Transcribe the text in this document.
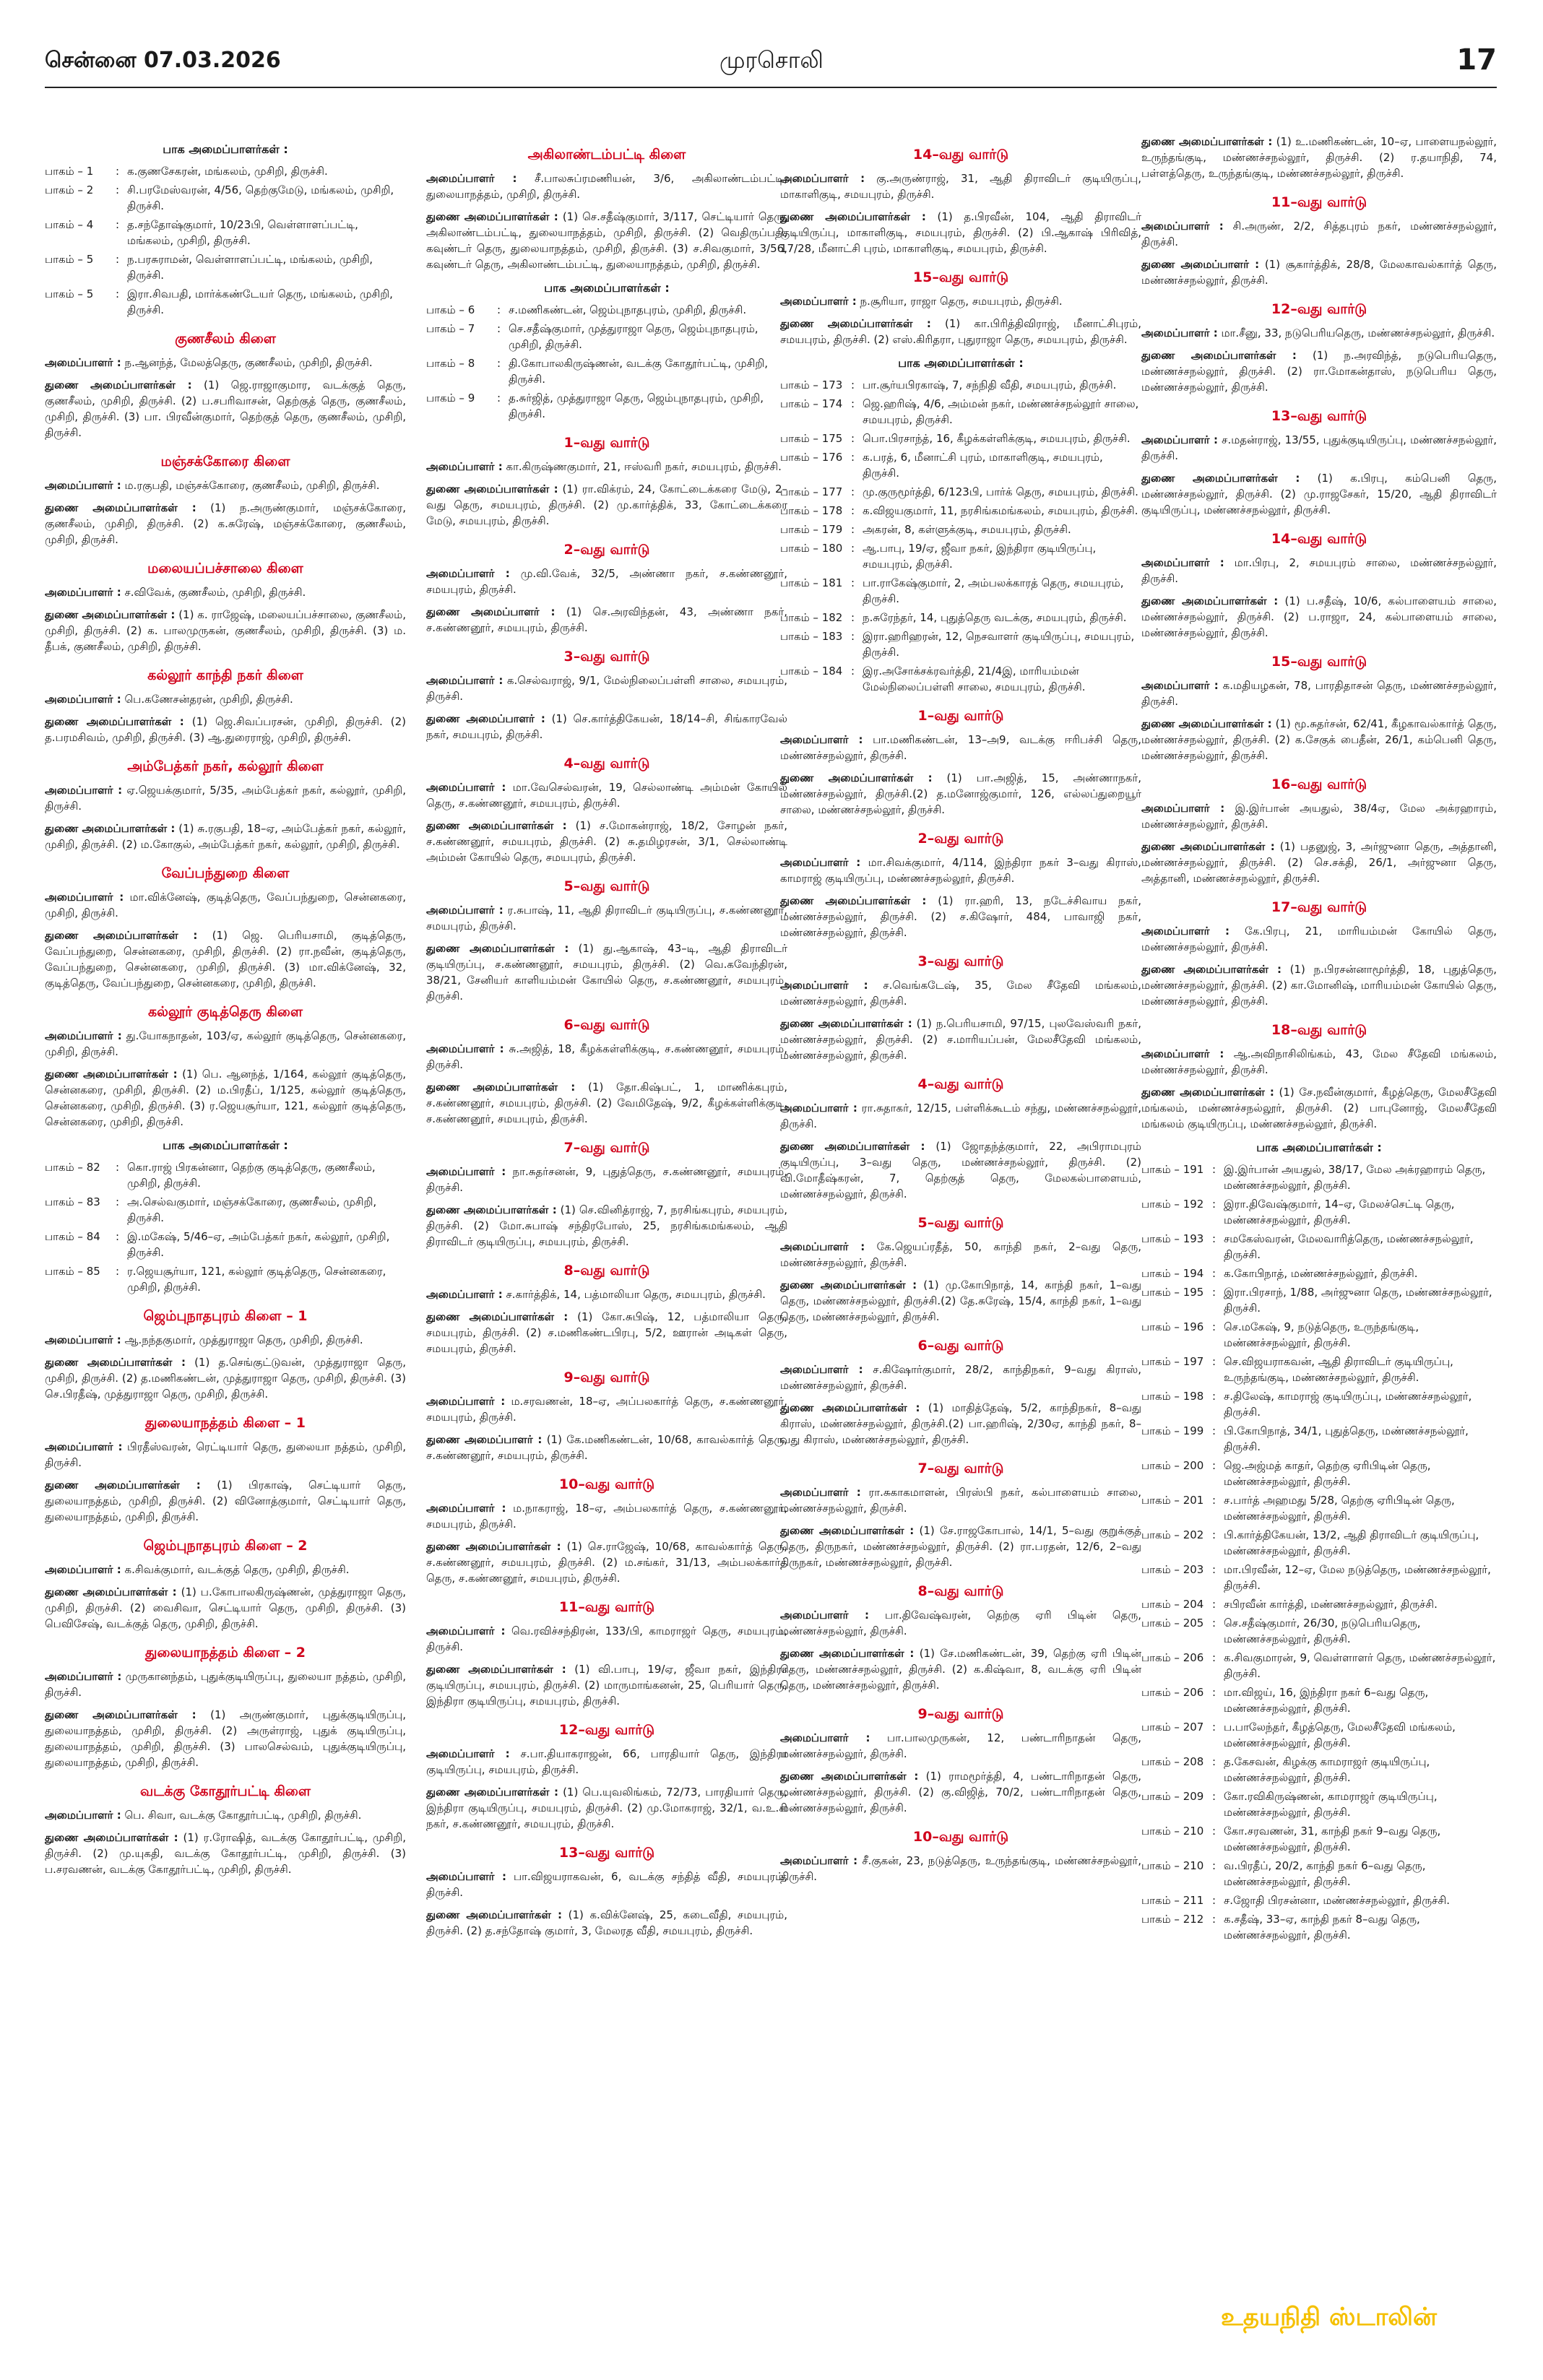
சென்னை 07.03.2026	முரசொலி	17
பாக அமைப்பாளர்கள் :
பாகம் – 1	: க.குணசேகரன், மங்கலம், முசிறி, திருச்சி.
பாகம் – 2	: சி.பரமேஸ்வரன், 4/56, தெற்குமேடு, மங்கலம், முசிறி, திருச்சி.
பாகம் – 4	: த.சந்தோஷ்குமார், 10/23பி, வெள்ளாளப்பட்டி, மங்கலம், முசிறி, திருச்சி.
பாகம் – 5	: ந.பரசுராமன், வெள்ளாளப்பட்டி, மங்கலம், முசிறி, திருச்சி.
பாகம் – 5	: இரா.சிவபதி, மார்க்கண்டேயர் தெரு, மங்கலம், முசிறி, திருச்சி.
குணசீலம் கிளை
அமைப்பாளர் : ந.ஆனந்த், மேலத்தெரு, குணசீலம், முசிறி, திருச்சி.
துணை அமைப்பாளர்கள் : (1) ஜெ.ராஜாகுமார, வடக்குத் தெரு, குணசீலம், முசிறி, திருச்சி. (2) ப.சபரிவாசன், தெற்குத் தெரு, குணசீலம், முசிறி, திருச்சி. (3) பா. பிரவீன்குமார், தெற்குத் தெரு, குணசீலம், முசிறி, திருச்சி.
மஞ்சக்கோரை கிளை
அமைப்பாளர் : ம.ரகுபதி, மஞ்சக்கோரை, குணசீலம், முசிறி, திருச்சி.
துணை அமைப்பாளர்கள் : (1) ந.அருண்குமார், மஞ்சக்கோரை, குணசீலம், முசிறி, திருச்சி. (2) க.சுரேஷ், மஞ்சக்கோரை, குணசீலம், முசிறி, திருச்சி.
மலையப்பச்சாலை கிளை
அமைப்பாளர் : ச.விவேக், குணசீலம், முசிறி, திருச்சி.
துணை அமைப்பாளர்கள் : (1) க. ராஜேஷ், மலையப்பச்சாலை, குணசீலம், முசிறி, திருச்சி. (2) க. பாலமுருகன், குணசீலம், முசிறி, திருச்சி. (3) ம. தீபக், குணசீலம், முசிறி, திருச்சி.
கல்லூர் காந்தி நகர் கிளை
அமைப்பாளர் : பெ.கணேசன்தரன், முசிறி, திருச்சி.
துணை அமைப்பாளர்கள் : (1) ஜெ.சிவப்பரசன், முசிறி, திருச்சி. (2) த.பரமசிவம், முசிறி, திருச்சி. (3) ஆ.துரைராஜ், முசிறி, திருச்சி.
அம்பேத்கர் நகர், கல்லூர் கிளை
அமைப்பாளர் : ஏ.ஜெயக்குமார், 5/35, அம்பேத்கர் நகர், கல்லூர், முசிறி, திருச்சி.
துணை அமைப்பாளர்கள் : (1) சு.ரகுபதி, 18–ஏ, அம்பேத்கர் நகர், கல்லூர், முசிறி, திருச்சி. (2) ம.கோகுல், அம்பேத்கர் நகர், கல்லூர், முசிறி, திருச்சி.
வேப்பந்துறை கிளை
அமைப்பாளர் : மா.விக்னேஷ், குடித்தெரு, வேப்பந்துறை, சென்னகரை, முசிறி, திருச்சி.
துணை அமைப்பாளர்கள் : (1) ஜெ. பெரியசாமி, குடித்தெரு, வேப்பந்துறை, சென்னகரை, முசிறி, திருச்சி. (2) ரா.நவீன், குடித்தெரு, வேப்பந்துறை, சென்னகரை, முசிறி, திருச்சி. (3) மா.விக்னேஷ், 32, குடித்தெரு, வேப்பந்துறை, சென்னகரை, முசிறி, திருச்சி.
கல்லூர் குடித்தெரு கிளை
அமைப்பாளர் : து.யோகநாதன், 103/ஏ, கல்லூர் குடித்தெரு, சென்னகரை, முசிறி, திருச்சி.
துணை அமைப்பாளர்கள் : (1) பெ. ஆனந்த், 1/164, கல்லூர் குடித்தெரு, சென்னகரை, முசிறி, திருச்சி. (2) ம.பிரதீப், 1/125, கல்லூர் குடித்தெரு, சென்னகரை, முசிறி, திருச்சி. (3) ர.ஜெயசூர்யா, 121, கல்லூர் குடித்தெரு, சென்னகரை, முசிறி, திருச்சி.
பாக அமைப்பாளர்கள் :
பாகம் – 82	: கொ.ராஜ் பிரகன்னா, தெற்கு குடித்தெரு, குணசீலம், முசிறி, திருச்சி.
பாகம் – 83	: அ.செல்வகுமார், மஞ்சக்கோரை, குணசீலம், முசிறி, திருச்சி.
பாகம் – 84	: இ.மகேஷ், 5/46–ஏ, அம்பேத்கர் நகர், கல்லூர், முசிறி, திருச்சி.
பாகம் – 85	: ர.ஜெயசூர்யா, 121, கல்லூர் குடித்தெரு, சென்னகரை, முசிறி, திருச்சி.
ஜெம்புநாதபுரம் கிளை – 1
அமைப்பாளர் : ஆ.நந்தகுமார், முத்துராஜா தெரு, முசிறி, திருச்சி.
துணை அமைப்பாளர்கள் : (1) த.செங்குட்டுவன், முத்துராஜா தெரு, முசிறி, திருச்சி. (2) த.மணிகண்டன், முத்துராஜா தெரு, முசிறி, திருச்சி. (3) செ.பிரதீஷ், முத்துராஜா தெரு, முசிறி, திருச்சி.
துலையாநத்தம் கிளை – 1
அமைப்பாளர் : பிரதீஸ்வரன், ரெட்டியார் தெரு, துலையா நத்தம், முசிறி, திருச்சி.
துணை அமைப்பாளர்கள் : (1) பிரகாஷ், செட்டியார் தெரு, துலையாநத்தம், முசிறி, திருச்சி. (2) வினோத்குமார், செட்டியார் தெரு, துலையாநத்தம், முசிறி, திருச்சி.
ஜெம்புநாதபுரம் கிளை – 2
அமைப்பாளர் : க.சிவக்குமார், வடக்குத் தெரு, முசிறி, திருச்சி.
துணை அமைப்பாளர்கள் : (1) ப.கோபாலகிருஷ்ணன், முத்துராஜா தெரு, முசிறி, திருச்சி. (2) வைசிவா, செட்டியார் தெரு, முசிறி, திருச்சி. (3) பெவிசேஷ், வடக்குத் தெரு, முசிறி, திருச்சி.
துலையாநத்தம் கிளை – 2
அமைப்பாளர் : முருகானந்தம், புதுக்குடியிருப்பு, துலையா நத்தம், முசிறி, திருச்சி.
துணை அமைப்பாளர்கள் : (1) அருண்குமார், புதுக்குடியிருப்பு, துலையாநத்தம், முசிறி, திருச்சி. (2) அருள்ராஜ், புதுக் குடியிருப்பு, துலையாநத்தம், முசிறி, திருச்சி. (3) பாலசெல்வம், புதுக்குடியிருப்பு, துலையாநத்தம், முசிறி, திருச்சி.
வடக்கு கோதூர்பட்டி கிளை
அமைப்பாளர் : பெ. சிவா, வடக்கு கோதூர்பட்டி, முசிறி, திருச்சி.
துணை அமைப்பாளர்கள் : (1) ர.ரோஷித், வடக்கு கோதூர்பட்டி, முசிறி, திருச்சி. (2) மு.யுகதி, வடக்கு கோதூர்பட்டி, முசிறி, திருச்சி. (3) ப.சரவணன், வடக்கு கோதூர்பட்டி, முசிறி, திருச்சி.
அகிலாண்டம்பட்டி கிளை
அமைப்பாளர் : சீ.பாலசுப்ரமணியன், 3/6, அகிலாண்டம்பட்டி, துலையாநத்தம், முசிறி, திருச்சி.
துணை அமைப்பாளர்கள் : (1) செ.சதீஷ்குமார், 3/117, செட்டியார் தெரு, அகிலாண்டம்பட்டி, துலையாநத்தம், முசிறி, திருச்சி. (2) வெதிருப்பதி, கவுண்டர் தெரு, துலையாநத்தம், முசிறி, திருச்சி. (3) ச.சிவகுமார், 3/56, கவுண்டர் தெரு, அகிலாண்டம்பட்டி, துலையாநத்தம், முசிறி, திருச்சி.
பாக அமைப்பாளர்கள் :
பாகம் – 6	: ச.மணிகண்டன், ஜெம்புநாதபுரம், முசிறி, திருச்சி.
பாகம் – 7	: செ.சதீஷ்குமார், முத்துராஜா தெரு, ஜெம்புநாதபுரம், முசிறி, திருச்சி.
பாகம் – 8	: தி.கோபாலகிருஷ்ணன், வடக்கு கோதூர்பட்டி, முசிறி, திருச்சி.
பாகம் – 9	: த.சுர்ஜித், முத்துராஜா தெரு, ஜெம்புநாதபுரம், முசிறி, திருச்சி.
1–வது வார்டு
அமைப்பாளர் : கா.கிருஷ்ணகுமார், 21, ஈஸ்வரி நகர், சமயபுரம், திருச்சி.
துணை அமைப்பாளர்கள் : (1) ரா.விக்ரம், 24, கோட்டைக்கரை மேடு, 2–வது தெரு, சமயபுரம், திருச்சி. (2) மு.கார்த்திக், 33, கோட்டைக்கரை மேடு, சமயபுரம், திருச்சி.
2–வது வார்டு
அமைப்பாளர் : மு.வி.வேக், 32/5, அண்ணா நகர், ச.கண்ணனூர், சமயபுரம், திருச்சி.
துணை அமைப்பாளர் : (1) செ.அரவிந்தன், 43, அண்ணா நகர், ச.கண்ணனூர், சமயபுரம், திருச்சி.
3–வது வார்டு
அமைப்பாளர் : க.செல்வராஜ், 9/1, மேல்நிலைப்பள்ளி சாலை, சமயபுரம், திருச்சி.
துணை அமைப்பாளர் : (1) செ.கார்த்திகேயன், 18/14–சி, சிங்காரவேல் நகர், சமயபுரம், திருச்சி.
4–வது வார்டு
அமைப்பாளர் : மா.வேசெல்வரன், 19, செல்லாண்டி அம்மன் கோயில் தெரு, ச.கண்ணனூர், சமயபுரம், திருச்சி.
துணை அமைப்பாளர்கள் : (1) ச.மோகன்ராஜ், 18/2, சோழன் நகர், ச.கண்ணனூர், சமயபுரம், திருச்சி. (2) சு.தமிழரசன், 3/1, செல்லாண்டி அம்மன் கோயில் தெரு, சமயபுரம், திருச்சி.
5–வது வார்டு
அமைப்பாளர் : ர.சுபாஷ், 11, ஆதி திராவிடர் குடியிருப்பு, ச.கண்ணனூர், சமயபுரம், திருச்சி.
துணை அமைப்பாளர்கள் : (1) து.ஆகாஷ், 43–டி, ஆதி திராவிடர் குடியிருப்பு, ச.கண்ணனூர், சமயபுரம், திருச்சி. (2) வெ.கவேந்திரன், 38/21, சேனியர் காளியம்மன் கோயில் தெரு, ச.கண்ணனூர், சமயபுரம், திருச்சி.
6–வது வார்டு
அமைப்பாளர் : சு.அஜித், 18, கீழக்கள்ளிக்குடி, ச.கண்ணனூர், சமயபுரம், திருச்சி.
துணை அமைப்பாளர்கள் : (1) தோ.கிஷ்பட், 1, மாணிக்கபுரம், ச.கண்ணனூர், சமயபுரம், திருச்சி. (2) வேமிதேஷ், 9/2, கீழக்கள்ளிக்குடி, ச.கண்ணனூர், சமயபுரம், திருச்சி.
7–வது வார்டு
அமைப்பாளர் : நா.சுதர்சனன், 9, புதுத்தெரு, ச.கண்ணனூர், சமயபுரம், திருச்சி.
துணை அமைப்பாளர்கள் : (1) செ.வினித்ராஜ், 7, நரசிங்கபுரம், சமயபுரம், திருச்சி. (2) மோ.சுபாஷ் சந்திரபோஸ், 25, நரசிங்கமங்கலம், ஆதி திராவிடர் குடியிருப்பு, சமயபுரம், திருச்சி.
8–வது வார்டு
அமைப்பாளர் : ச.கார்த்திக், 14, பத்மாலியா தெரு, சமயபுரம், திருச்சி.
துணை அமைப்பாளர்கள் : (1) கோ.சுபிஷ், 12, பத்மாலியா தெரு, சமயபுரம், திருச்சி. (2) ச.மணிகண்டபிரபு, 5/2, ஊரான் அடிகள் தெரு, சமயபுரம், திருச்சி.
9–வது வார்டு
அமைப்பாளர் : ம.சரவணன், 18–ஏ, அப்பலகார்த் தெரு, ச.கண்ணனூர், சமயபுரம், திருச்சி.
துணை அமைப்பாளர் : (1) கே.மணிகண்டன், 10/68, காவல்கார்த் தெரு, ச.கண்ணனூர், சமயபுரம், திருச்சி.
10–வது வார்டு
அமைப்பாளர் : ம.நாகராஜ், 18–ஏ, அம்பலகார்த் தெரு, ச.கண்ணனூர், சமயபுரம், திருச்சி.
துணை அமைப்பாளர்கள் : (1) செ.ராஜேஷ், 10/68, காவல்கார்த் தெரு, ச.கண்ணனூர், சமயபுரம், திருச்சி. (2) ம.சங்கர், 31/13, அம்பலக்கார்த் தெரு, ச.கண்ணனூர், சமயபுரம், திருச்சி.
11–வது வார்டு
அமைப்பாளர் : வெ.ரவிச்சந்திரன், 133/பி, காமராஜர் தெரு, சமயபுரம், திருச்சி.
துணை அமைப்பாளர்கள் : (1) வி.பாபு, 19/ஏ, ஜீவா நகர், இந்திரா குடியிருப்பு, சமயபுரம், திருச்சி. (2) மாருமாங்கனன், 25, பெரியார் தெரு, இந்திரா குடியிருப்பு, சமயபுரம், திருச்சி.
12–வது வார்டு
அமைப்பாளர் : ச.பா.தியாகராஜன், 66, பாரதியார் தெரு, இந்திரா குடியிருப்பு, சமயபுரம், திருச்சி.
துணை அமைப்பாளர்கள் : (1) பெ.யுவலிங்கம், 72/73, பாரதியார் தெரு, இந்திரா குடியிருப்பு, சமயபுரம், திருச்சி. (2) மு.மோகராஜ், 32/1, வ.உ.சி நகர், ச.கண்ணனூர், சமயபுரம், திருச்சி.
13–வது வார்டு
அமைப்பாளர் : பா.விஜயராகவன், 6, வடக்கு சந்தித் வீதி, சமயபுரம், திருச்சி.
துணை அமைப்பாளர்கள் : (1) க.விக்னேஷ், 25, கடைவீதி, சமயபுரம், திருச்சி. (2) த.சந்தோஷ் குமார், 3, மேலரத வீதி, சமயபுரம், திருச்சி.
14–வது வார்டு
அமைப்பாளர் : கு.அருண்ராஜ், 31, ஆதி திராவிடர் குடியிருப்பு, மாகாளிகுடி, சமயபுரம், திருச்சி.
துணை அமைப்பாளர்கள் : (1) த.பிரவீன், 104, ஆதி திராவிடர் குடியிருப்பு, மாகாளிகுடி, சமயபுரம், திருச்சி. (2) பி.ஆகாஷ் பிரிவித், 17/28, மீனாட்சி புரம், மாகாளிகுடி, சமயபுரம், திருச்சி.
15–வது வார்டு
அமைப்பாளர் : ந.சூரியா, ராஜா தெரு, சமயபுரம், திருச்சி.
துணை அமைப்பாளர்கள் : (1) கா.பிரித்திவிராஜ், மீனாட்சிபுரம், சமயபுரம், திருச்சி. (2) எஸ்.கிரிதரா, புதுராஜா தெரு, சமயபுரம், திருச்சி.
பாக அமைப்பாளர்கள் :
பாகம் – 173 : பா.சூர்யபிரகாஷ், 7, சந்நிதி வீதி, சமயபுரம், திருச்சி.
பாகம் – 174 : ஜெ.ஹரிஷ், 4/6, அம்மன் நகர், மண்ணச்சநல்லூர் சாலை, சமயபுரம், திருச்சி.
பாகம் – 175 : பொ.பிரசாந்த், 16, கீழக்கள்ளிக்குடி, சமயபுரம், திருச்சி.
பாகம் – 176 : க.பரத், 6, மீனாட்சி புரம், மாகாளிகுடி, சமயபுரம், திருச்சி.
பாகம் – 177 : மு.குருமூர்த்தி, 6/123பி, பார்க் தெரு, சமயபுரம், திருச்சி.
பாகம் – 178 : க.விஜயகுமார், 11, நரசிங்கமங்கலம், சமயபுரம், திருச்சி.
பாகம் – 179 : அகரன், 8, கள்ளுக்குடி, சமயபுரம், திருச்சி.
பாகம் – 180 : ஆ.பாபு, 19/ஏ, ஜீவா நகர், இந்திரா குடியிருப்பு, சமயபுரம், திருச்சி.
பாகம் – 181 : பா.ராகேஷ்குமார், 2, அம்பலக்காரத் தெரு, சமயபுரம், திருச்சி.
பாகம் – 182 : ந.சுரேந்தர், 14, புதுத்தெரு வடக்கு, சமயபுரம், திருச்சி.
பாகம் – 183 : இரா.ஹரிஹரன், 12, நெசவாளர் குடியிருப்பு, சமயபுரம், திருச்சி.
பாகம் – 184 : இர.அசோக்சக்ரவர்த்தி, 21/4இ, மாரியம்மன் மேல்நிலைப்பள்ளி சாலை, சமயபுரம், திருச்சி.
1–வது வார்டு
அமைப்பாளர் : பா.மணிகண்டன், 13–அ9, வடக்கு ஈரிபச்சி தெரு, மண்ணச்சநல்லூர், திருச்சி.
துணை அமைப்பாளர்கள் : (1) பா.அஜித், 15, அண்ணாநகர், மண்ணச்சநல்லூர், திருச்சி.(2) த.மனோஜ்குமார், 126, எல்லப்துறையூர் சாலை, மண்ணச்சநல்லூர், திருச்சி.
2–வது வார்டு
அமைப்பாளர் : மா.சிவக்குமார், 4/114, இந்திரா நகர் 3–வது கிராஸ், காமராஜ் குடியிருப்பு, மண்ணச்சநல்லூர், திருச்சி.
துணை அமைப்பாளர்கள் : (1) ரா.ஹரி, 13, நடேச்சிவாய நகர், மண்ணச்சநல்லூர், திருச்சி. (2) ச.கிஷோர், 484, பாவாஜி நகர், மண்ணச்சநல்லூர், திருச்சி.
3–வது வார்டு
அமைப்பாளர் : ச.வெங்கடேஷ், 35, மேல சீதேவி மங்கலம், மண்ணச்சநல்லூர், திருச்சி.
துணை அமைப்பாளர்கள் : (1) ந.பெரியசாமி, 97/15, புலவேஸ்வரி நகர், மண்ணச்சநல்லூர், திருச்சி. (2) ச.மாரியப்பன், மேலசீதேவி மங்கலம், மண்ணச்சநல்லூர், திருச்சி.
4–வது வார்டு
அமைப்பாளர் : ரா.சுதாகர், 12/15, பள்ளிக்கூடம் சந்து, மண்ணச்சநல்லூர், திருச்சி.
துணை அமைப்பாளர்கள் : (1) ஜோதந்த்குமார், 22, அபிராமபுரம் குடியிருப்பு, 3–வது தெரு, மண்ணச்சநல்லூர், திருச்சி. (2) வி.மோதீஷ்கரன், 7, தெற்குத் தெரு, மேலகல்பாளையம், மண்ணச்சநல்லூர், திருச்சி.
5–வது வார்டு
அமைப்பாளர் : கே.ஜெயப்ரதீத், 50, காந்தி நகர், 2–வது தெரு, மண்ணச்சநல்லூர், திருச்சி.
துணை அமைப்பாளர்கள் : (1) மு.கோபிநாத், 14, காந்தி நகர், 1–வது தெரு, மண்ணச்சநல்லூர், திருச்சி.(2) தே.சுரேஷ், 15/4, காந்தி நகர், 1–வது தெரு, மண்ணச்சநல்லூர், திருச்சி.
6–வது வார்டு
அமைப்பாளர் : ச.கிஷோர்குமார், 28/2, காந்திநகர், 9–வது கிராஸ், மண்ணச்சநல்லூர், திருச்சி.
துணை அமைப்பாளர்கள் : (1) மாதித்தேஷ், 5/2, காந்திநகர், 8–வது கிராஸ், மண்ணச்சநல்லூர், திருச்சி.(2) பா.ஹரிஷ், 2/30ஏ, காந்தி நகர், 8–வது கிராஸ், மண்ணச்சநல்லூர், திருச்சி.
7–வது வார்டு
அமைப்பாளர் : ரா.சுகாகமாளன், பிரஸ்பி நகர், கல்பாளையம் சாலை, மண்ணச்சநல்லூர், திருச்சி.
துணை அமைப்பாளர்கள் : (1) சே.ராஜகோபால், 14/1, 5–வது குறுக்குத் தெரு, திருநகர், மண்ணச்சநல்லூர், திருச்சி. (2) ரா.பரதன், 12/6, 2–வது திருநகர், மண்ணச்சநல்லூர், திருச்சி.
8–வது வார்டு
அமைப்பாளர் : பா.திவேஷ்வரன், தெற்கு ஏரி பிடின் தெரு, மண்ணச்சநல்லூர், திருச்சி.
துணை அமைப்பாளர்கள் : (1) சே.மணிகண்டன், 39, தெற்கு ஏரி பிடின் தெரு, மண்ணச்சநல்லூர், திருச்சி. (2) க.கிஷ்வா, 8, வடக்கு ஏரி பிடின் தெரு, மண்ணச்சநல்லூர், திருச்சி.
9–வது வார்டு
அமைப்பாளர் : பா.பாலமுருகன், 12, பண்டாரிநாதன் தெரு, மண்ணச்சநல்லூர், திருச்சி.
துணை அமைப்பாளர்கள் : (1) ராமமூர்த்தி, 4, பண்டாரிநாதன் தெரு, மண்ணச்சநல்லூர், திருச்சி. (2) கு.விஜித், 70/2, பண்டாரிநாதன் தெரு, மண்ணச்சநல்லூர், திருச்சி.
10–வது வார்டு
அமைப்பாளர் : சீ.குகன், 23, நடுத்தெரு, உருந்தங்குடி, மண்ணச்சநல்லூர், திருச்சி.
துணை அமைப்பாளர்கள் : (1) உ.மணிகண்டன், 10–ஏ, பாளையநல்லூர், உருந்தங்குடி, மண்ணச்சநல்லூர், திருச்சி. (2) ர.தயாநிதி, 74, பள்ளத்தெரு, உருந்தங்குடி, மண்ணச்சநல்லூர், திருச்சி.
11–வது வார்டு
அமைப்பாளர் : சி.அருண், 2/2, சித்தபுரம் நகர், மண்ணச்சநல்லூர், திருச்சி.
துணை அமைப்பாளர் : (1) சூகார்த்திக், 28/8, மேலகாவல்கார்த் தெரு, மண்ணச்சநல்லூர், திருச்சி.
12–வது வார்டு
அமைப்பாளர் : மா.சீனு, 33, நடுபெரியதெரு, மண்ணச்சநல்லூர், திருச்சி.
துணை அமைப்பாளர்கள் : (1) ந.அரவிந்த், நடுபெரியதெரு, மண்ணச்சநல்லூர், திருச்சி. (2) ரா.மோகன்தாஸ், நடுபெரிய தெரு, மண்ணச்சநல்லூர், திருச்சி.
13–வது வார்டு
அமைப்பாளர் : ச.மதன்ராஜ், 13/55, புதுக்குடியிருப்பு, மண்ணச்சநல்லூர், திருச்சி.
துணை அமைப்பாளர்கள் : (1) க.பிரபு, கம்பெனி தெரு, மண்ணச்சநல்லூர், திருச்சி. (2) மு.ராஜசேகர், 15/20, ஆதி திராவிடர் குடியிருப்பு, மண்ணச்சநல்லூர், திருச்சி.
14–வது வார்டு
அமைப்பாளர் : மா.பிரபு, 2, சமயபுரம் சாலை, மண்ணச்சநல்லூர், திருச்சி.
துணை அமைப்பாளர்கள் : (1) ப.சதீஷ், 10/6, கல்பாளையம் சாலை, மண்ணச்சநல்லூர், திருச்சி. (2) ப.ராஜா, 24, கல்பாளையம் சாலை, மண்ணச்சநல்லூர், திருச்சி.
15–வது வார்டு
அமைப்பாளர் : க.மதியழகன், 78, பாரதிதாசன் தெரு, மண்ணச்சநல்லூர், திருச்சி.
துணை அமைப்பாளர்கள் : (1) மூ.சுதர்சன், 62/41, கீழகாவல்கார்த் தெரு, மண்ணச்சநல்லூர், திருச்சி. (2) க.சேகுக் பைதீன், 26/1, கம்பெனி தெரு, மண்ணச்சநல்லூர், திருச்சி.
16–வது வார்டு
அமைப்பாளர் : இ.இர்பான் அயதுல், 38/4ஏ, மேல அக்ரஹாரம், மண்ணச்சநல்லூர், திருச்சி.
துணை அமைப்பாளர்கள் : (1) பதனுஜ், 3, அர்ஜுனா தெரு, அத்தானி, மண்ணச்சநல்லூர், திருச்சி. (2) செ.சக்தி, 26/1, அர்ஜுனா தெரு, அத்தானி, மண்ணச்சநல்லூர், திருச்சி.
17–வது வார்டு
அமைப்பாளர் : கே.பிரபு, 21, மாரியம்மன் கோயில் தெரு, மண்ணச்சநல்லூர், திருச்சி.
துணை அமைப்பாளர்கள் : (1) ந.பிரசன்னாமூர்த்தி, 18, புதுத்தெரு, மண்ணச்சநல்லூர், திருச்சி. (2) கா.மோனிஷ், மாரியம்மன் கோயில் தெரு, மண்ணச்சநல்லூர், திருச்சி.
18–வது வார்டு
அமைப்பாளர் : ஆ.அவிநாசிலிங்கம், 43, மேல சீதேவி மங்கலம், மண்ணச்சநல்லூர், திருச்சி.
துணை அமைப்பாளர்கள் : (1) சே.நவீன்குமார், கீழத்தெரு, மேலசீதேவி மங்கலம், மண்ணச்சநல்லூர், திருச்சி. (2) பாபுனோஜ், மேலசீதேவி மங்கலம் குடியிருப்பு, மண்ணச்சநல்லூர், திருச்சி.
பாக அமைப்பாளர்கள் :
பாகம் – 191 : இ.இர்பான் அயதுல், 38/17, மேல அக்ரஹாரம் தெரு, மண்ணச்சநல்லூர், திருச்சி.
பாகம் – 192 : இரா.திவேஷ்குமார், 14–ஏ, மேலச்செட்டி தெரு, மண்ணச்சநல்லூர், திருச்சி.
பாகம் – 193 : சமகேஸ்வரன், மேலவாரித்தெரு, மண்ணச்சநல்லூர், திருச்சி.
பாகம் – 194 : க.கோபிநாத், மண்ணச்சநல்லூர், திருச்சி.
பாகம் – 195 : இரா.பிரசாந், 1/88, அர்ஜுனா தெரு, மண்ணச்சநல்லூர், திருச்சி.
பாகம் – 196 : செ.மகேஷ், 9, நடுத்தெரு, உருந்தங்குடி, மண்ணச்சநல்லூர், திருச்சி.
பாகம் – 197 : செ.விஜயராகவன், ஆதி திராவிடர் குடியிருப்பு, உருந்தங்குடி, மண்ணச்சநல்லூர், திருச்சி.
பாகம் – 198 : ச.திலேஷ், காமராஜ் குடியிருப்பு, மண்ணச்சநல்லூர், திருச்சி.
பாகம் – 199 : பி.கோபிநாத், 34/1, புதுத்தெரு, மண்ணச்சநல்லூர், திருச்சி.
பாகம் – 200 : ஜெ.அஜ்மத் காதர், தெற்கு ஏரிபிடின் தெரு, மண்ணச்சநல்லூர், திருச்சி.
பாகம் – 201 : ச.பார்த் அஹமது 5/28, தெற்கு ஏரிபிடின் தெரு, மண்ணச்சநல்லூர், திருச்சி.
பாகம் – 202 : பி.கார்த்திகேயன், 13/2, ஆதி திராவிடர் குடியிருப்பு, மண்ணச்சநல்லூர், திருச்சி.
பாகம் – 203 : மா.பிரவீன், 12–ஏ, மேல நடுத்தெரு, மண்ணச்சநல்லூர், திருச்சி.
பாகம் – 204 : சபிரவீன் கார்த்தி, மண்ணச்சநல்லூர், திருச்சி.
பாகம் – 205 : செ.சதீஷ்குமார், 26/30, நடுபெரியதெரு, மண்ணச்சநல்லூர், திருச்சி.
பாகம் – 206 : க.சிவகுமாரன், 9, வெள்ளாளர் தெரு, மண்ணச்சநல்லூர், திருச்சி.
பாகம் – 206 : மா.விஜய், 16, இந்திரா நகர் 6–வது தெரு, மண்ணச்சநல்லூர், திருச்சி.
பாகம் – 207 : ப.பாலேந்தர், கீழத்தெரு, மேலசீதேவி மங்கலம், மண்ணச்சநல்லூர், திருச்சி.
பாகம் – 208 : த.கேசவன், கிழக்கு காமராஜர் குடியிருப்பு, மண்ணச்சநல்லூர், திருச்சி.
பாகம் – 209 : கோ.ரவிகிருஷ்ணன், காமராஜர் குடியிருப்பு, மண்ணச்சநல்லூர், திருச்சி.
பாகம் – 210 : கோ.சரவணன், 31, காந்தி நகர் 9–வது தெரு, மண்ணச்சநல்லூர், திருச்சி.
பாகம் – 210 : வ.பிரதீப், 20/2, காந்தி நகர் 6–வது தெரு, மண்ணச்சநல்லூர், திருச்சி.
பாகம் – 211 : ச.ஜோதி பிரசன்னா, மண்ணச்சநல்லூர், திருச்சி.
பாகம் – 212 : க.சதீஷ், 33–ஏ, காந்தி நகர் 8–வது தெரு, மண்ணச்சநல்லூர், திருச்சி.
உதயநிதி ஸ்டாலின்
